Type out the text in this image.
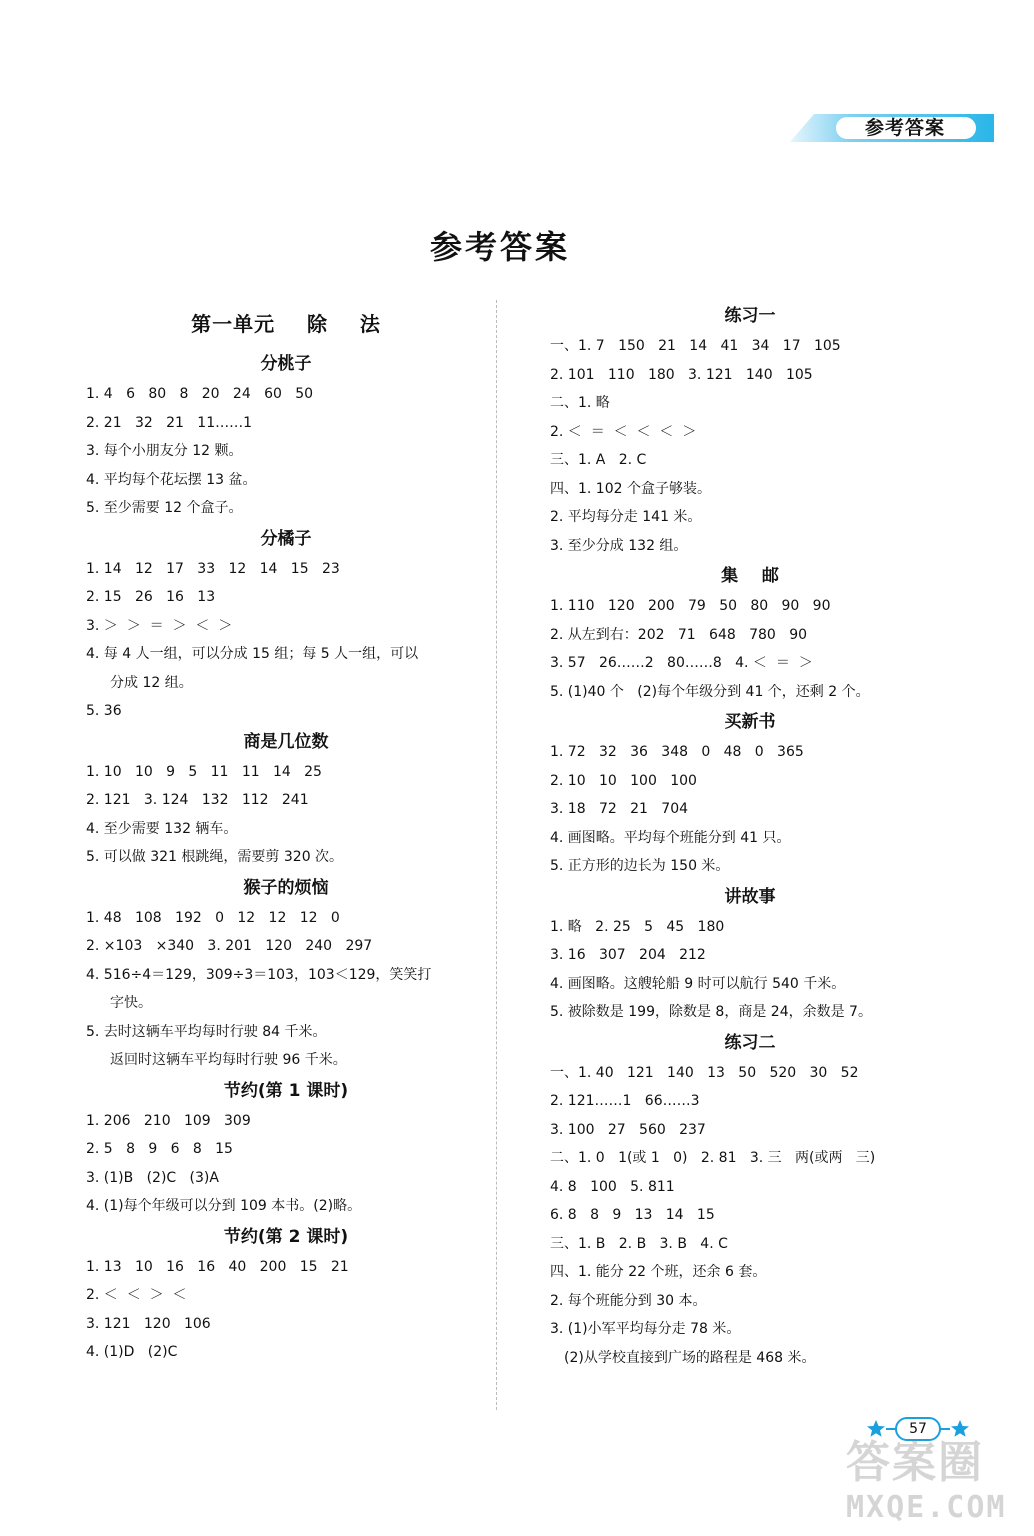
参考答案
参考答案
第一单元    除    法
分桃子
1. 4   6   80   8   20   24   60   50
2. 21   32   21   11……1
3. 每个小朋友分 12 颗。
4. 平均每个花坛摆 13 盆。
5. 至少需要 12 个盒子。
分橘子
1. 14   12   17   33   12   14   15   23
2. 15   26   16   13
3. ＞  ＞  ＝  ＞  ＜  ＞
4. 每 4 人一组，可以分成 15 组；每 5 人一组，可以
分成 12 组。
5. 36
商是几位数
1. 10   10   9   5   11   11   14   25
2. 121   3. 124   132   112   241
4. 至少需要 132 辆车。
5. 可以做 321 根跳绳，需要剪 320 次。
猴子的烦恼
1. 48   108   192   0   12   12   12   0
2. ×103   ×340   3. 201   120   240   297
4. 516÷4＝129，309÷3＝103，103＜129，笑笑打
字快。
5. 去时这辆车平均每时行驶 84 千米。
返回时这辆车平均每时行驶 96 千米。
节约(第 1 课时)
1. 206   210   109   309
2. 5   8   9   6   8   15
3. (1)B   (2)C   (3)A
4. (1)每个年级可以分到 109 本书。(2)略。
节约(第 2 课时)
1. 13   10   16   16   40   200   15   21
2. ＜  ＜  ＞  ＜
3. 121   120   106
4. (1)D   (2)C
练习一
一、1. 7   150   21   14   41   34   17   105
2. 101   110   180   3. 121   140   105
二、1. 略
2. ＜  ＝  ＜  ＜  ＜  ＞
三、1. A   2. C
四、1. 102 个盒子够装。
2. 平均每分走 141 米。
3. 至少分成 132 组。
集    邮
1. 110   120   200   79   50   80   90   90
2. 从左到右：202   71   648   780   90
3. 57   26……2   80……8   4. ＜  ＝  ＞
5. (1)40 个   (2)每个年级分到 41 个，还剩 2 个。
买新书
1. 72   32   36   348   0   48   0   365
2. 10   10   100   100
3. 18   72   21   704
4. 画图略。平均每个班能分到 41 只。
5. 正方形的边长为 150 米。
讲故事
1. 略   2. 25   5   45   180
3. 16   307   204   212
4. 画图略。这艘轮船 9 时可以航行 540 千米。
5. 被除数是 199，除数是 8，商是 24，余数是 7。
练习二
一、1. 40   121   140   13   50   520   30   52
2. 121……1   66……3
3. 100   27   560   237
二、1. 0   1(或 1   0)   2. 81   3. 三   两(或两   三)
4. 8   100   5. 811
6. 8   8   9   13   14   15
三、1. B   2. B   3. B   4. C
四、1. 能分 22 个班，还余 6 套。
2. 每个班能分到 30 本。
3. (1)小军平均每分走 78 米。
(2)从学校直接到广场的路程是 468 米。
57
答案圈
MXQE.COM
